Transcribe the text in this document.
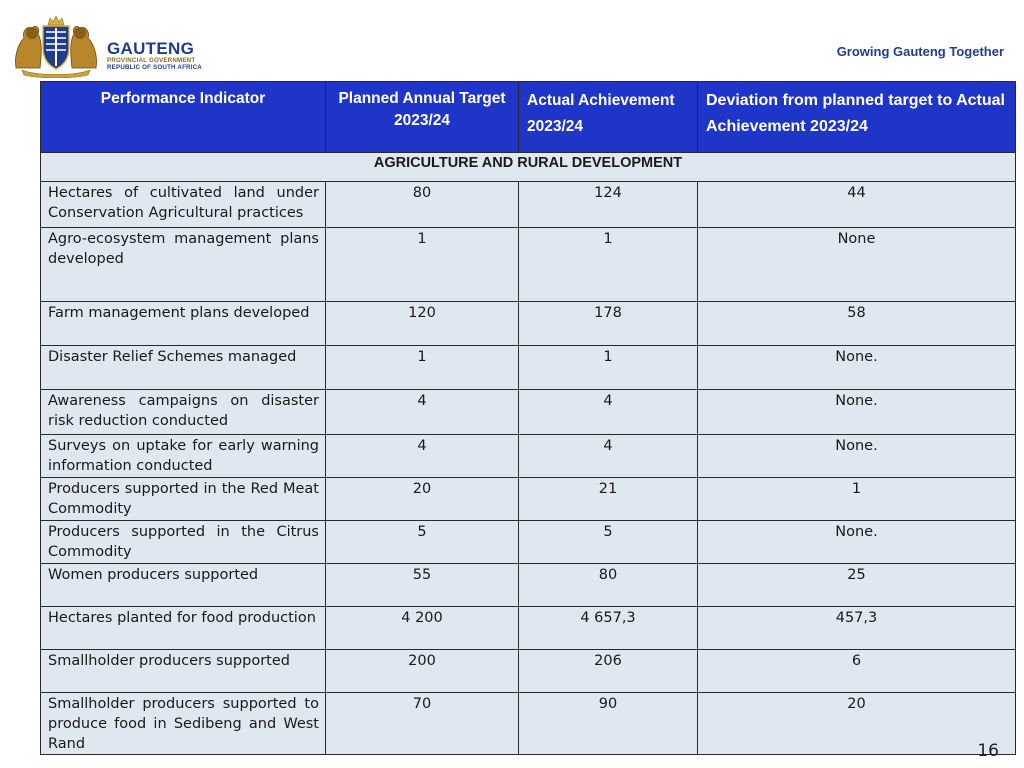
GAUTENG
PROVINCIAL GOVERNMENT
REPUBLIC OF SOUTH AFRICA
Growing Gauteng Together
Performance Indicator	Planned Annual Target 2023/24	Actual Achievement 2023/24	Deviation from planned target to Actual Achievement 2023/24

AGRICULTURE AND RURAL DEVELOPMENT			
Hectares of cultivated land under Conservation Agricultural practices	80	124	44
Agro-ecosystem management plans developed	1	1	None
Farm management plans developed	120	178	58
Disaster Relief Schemes managed	1	1	None.
Awareness campaigns on disaster risk reduction conducted	4	4	None.
Surveys on uptake for early warning information conducted	4	4	None.
Producers supported in the Red Meat Commodity	20	21	1
Producers supported in the Citrus Commodity	5	5	None.
Women producers supported	55	80	25
Hectares planted for food production	4 200	4 657,3	457,3
Smallholder producers supported	200	206	6
Smallholder producers supported to produce food in Sedibeng and West Rand	70	90	20
16
